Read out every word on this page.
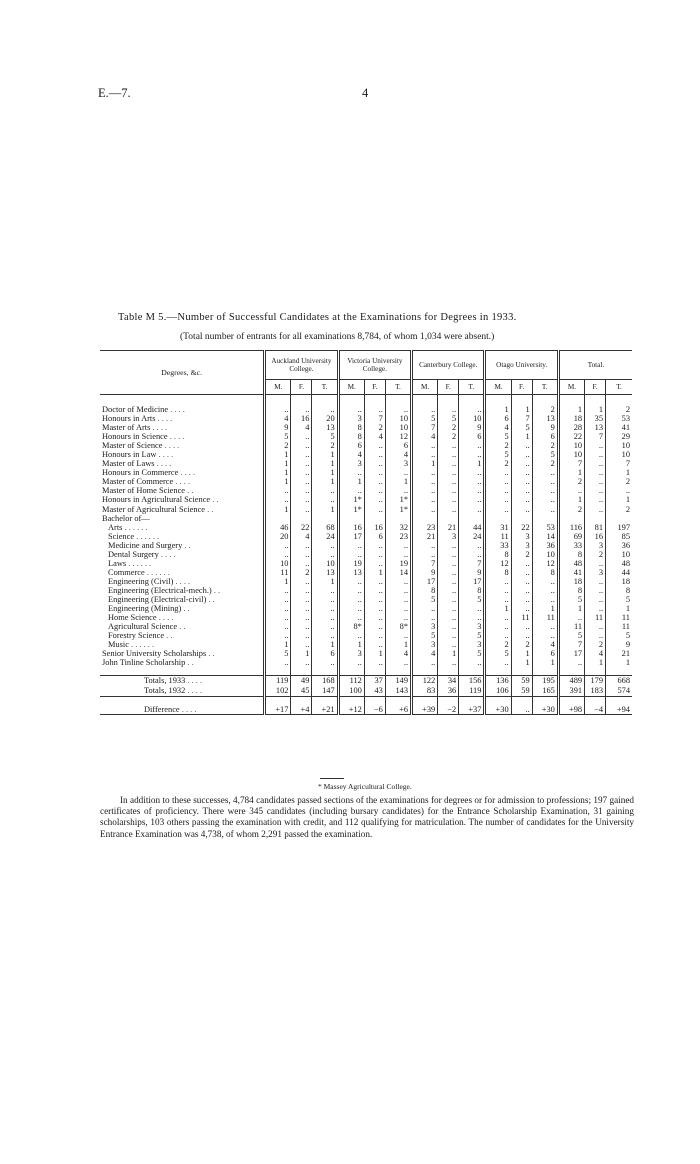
E.—7.	4
Table M 5.—Number of Successful Candidates at the Examinations for Degrees in 1933.
(Total number of entrants for all examinations 8,784, of whom 1,034 were absent.)
Degrees, &c.	Auckland University College.			Victoria University College.			Canterbury College.			Otago University.			Total.		
	M.	F.	T.	M.	F.	T.	M.	F.	T.	M.	F.	T.	M.	F.	T.

Doctor of Medicine . . . .	..	..	..	..	..	..	..	..	..	1	1	2	1	1	2
Honours in Arts . . . .	4	16	20	3	7	10	5	5	10	6	7	13	18	35	53
Master of Arts . . . .	9	4	13	8	2	10	7	2	9	4	5	9	28	13	41
Honours in Science . . . .	5	..	5	8	4	12	4	2	6	5	1	6	22	7	29
Master of Science . . . .	2	..	2	6	..	6	..	..	..	2	..	2	10	..	10
Honours in Law . . . .	1	..	1	4	..	4	..	..	..	5	..	5	10	..	10
Master of Laws . . . .	1	..	1	3	..	3	1	..	1	2	..	2	7	..	7
Honours in Commerce . . . .	1	..	1	..	..	..	..	..	..	..	..	..	1	..	1
Master of Commerce . . . .	1	..	1	1	..	1	..	..	..	..	..	..	2	..	2
Master of Home Science . .	..	..	..	..	..	..	..	..	..	..	..	..	..	..	..
Honours in Agricultural Science . .	..	..	..	1*	..	1*	..	..	..	..	..	..	1	..	1
Master of Agricultural Science . .	1	..	1	1*	..	1*	..	..	..	..	..	..	2	..	2
Bachelor of—															
Arts . . . . . .	46	22	68	16	16	32	23	21	44	31	22	53	116	81	197
Science . . . . . .	20	4	24	17	6	23	21	3	24	11	3	14	69	16	85
Medicine and Surgery . .	..	..	..	..	..	..	..	..	..	33	3	36	33	3	36
Dental Surgery . . . .	..	..	..	..	..	..	..	..	..	8	2	10	8	2	10
Laws . . . . . .	10	..	10	19	..	19	7	..	7	12	..	12	48	..	48
Commerce . . . . . .	11	2	13	13	1	14	9	..	9	8	..	8	41	3	44
Engineering (Civil) . . . .	1	..	1	..	..	..	17	..	17	..	..	..	18	..	18
Engineering (Electrical-mech.) . .	..	..	..	..	..	..	8	..	8	..	..	..	8	..	8
Engineering (Electrical-civil) . .	..	..	..	..	..	..	5	..	5	..	..	..	5	..	5
Engineering (Mining) . .	..	..	..	..	..	..	..	..	..	1	..	1	1	..	1
Home Science . . . .	..	..	..	..	..	..	..	..	..	..	11	11	..	11	11
Agricultural Science . .	..	..	..	8*	..	8*	3	..	3	..	..	..	11	..	11
Forestry Science . .	..	..	..	..	..	..	5	..	5	..	..	..	5	..	5
Music . . . . . .	1	..	1	1	..	1	3	..	3	2	2	4	7	2	9
Senior University Scholarships . .	5	1	6	3	1	4	4	1	5	5	1	6	17	4	21
John Tinline Scholarship . .	..	..	..	..	..	..	..	..	..	..	1	1	..	1	1

Totals, 1933 . . . .	119	49	168	112	37	149	122	34	156	136	59	195	489	179	668
Totals, 1932 . . . .	102	45	147	100	43	143	83	36	119	106	59	165	391	183	574

Difference . . . .	+17	+4	+21	+12	−6	+6	+39	−2	+37	+30	..	+30	+98	−4	+94
* Massey Agricultural College.
In addition to these successes, 4,784 candidates passed sections of the examinations for degrees or for admission to professions; 197 gained certificates of proficiency. There were 345 candidates (including bursary candidates) for the Entrance Scholarship Examination, 31 gaining scholarships, 103 others passing the examination with credit, and 112 qualifying for matriculation. The number of candidates for the University Entrance Examination was 4,738, of whom 2,291 passed the examination.
